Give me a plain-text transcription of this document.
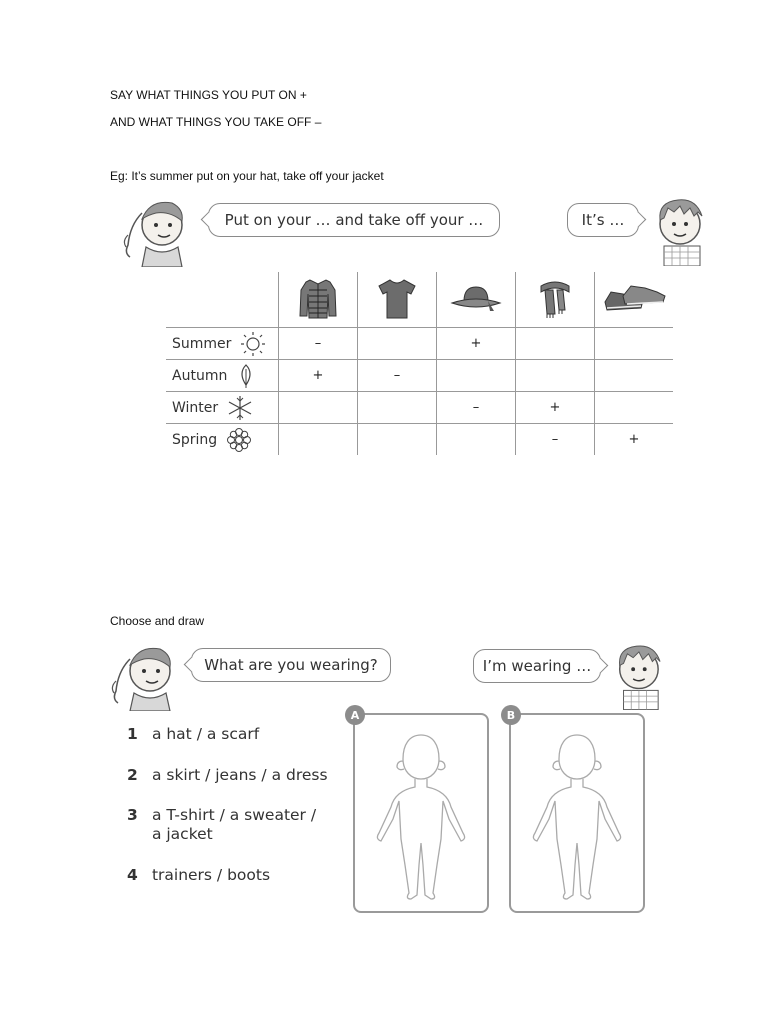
SAY WHAT THINGS YOU PUT ON +
AND WHAT THINGS YOU TAKE OFF –
Eg: It’s summer put on your hat, take off your jacket
Put on your … and take off your …	It’s …

Summer	–		+		
Autumn	+	–			
Winter			–	+	
Spring				–	+
Choose and draw
What are you wearing?	I’m wearing …
1 a hat / a scarf
2 a skirt / jeans / a dress
3 a T-shirt / a sweater /
a jacket
4 trainers / boots
A	B
